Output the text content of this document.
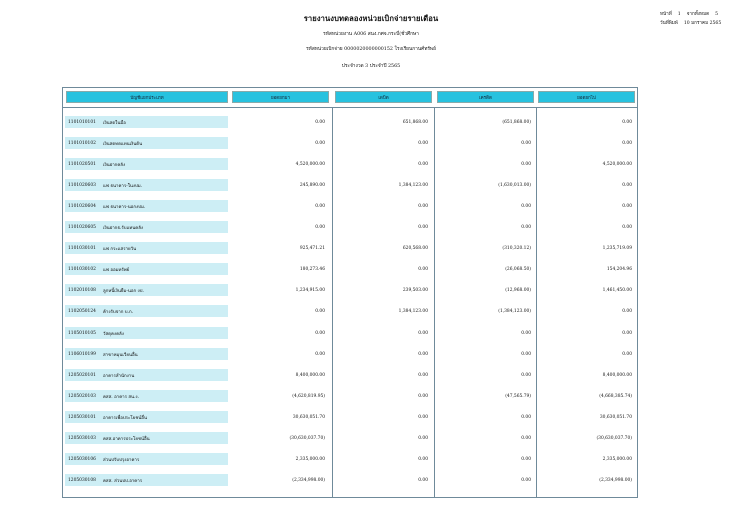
รายงานงบทดลองหน่วยเบิกจ่ายรายเดือน
รหัสหน่วยงาน A006 สนง.กศจ.กระบี่(ชั่วศึกษา
รหัสหน่วยเบิกจ่าย 0000020000000152 โรงเรียนกานศ์ทรัพย์
ประจำงวด 3 ประจำปี 2565
หน้าที่ 1 จากทั้งหมด 5
วันที่พิมพ์ 10 มกราคม 2565
บัญชีแยกประเภท	ยอดยกมา	เดบิต	เครดิต	ยอดยกไป
1101010101	เงินสดในมือ	0.00	651,868.00	(651,868.00)	0.00
1101010102	เงินสดทดแทนเงินต้น	0.00	0.00	0.00	0.00
1101020501	เงินฝากคลัง	4,520,000.00	0.00	0.00	4,520,000.00
1101020603	แฟ ธนาคาร-ในงปม.	245,890.00	1,384,123.00	(1,630,013.00)	0.00
1101020604	แฟ ธนาคาร-นอกงปม.	0.00	0.00	0.00	0.00
1101020605	เงินฝากธ.รับแทนคลัง	0.00	0.00	0.00	0.00
1101030101	แฟ กระแสรายวัน	925,471.21	620,568.00	(310,320.12)	1,235,719.09
1101030102	แฟ ออมทรัพย์	180,273.46	0.00	(26,068.50)	154,204.96
1102010108	ลูกหนี้เงินยืม-นอก งป.	1,234,915.00	239,503.00	(12,968.00)	1,461,450.00
1102050124	ค้างรับจาก บ.ก.	0.00	1,384,123.00	(1,384,123.00)	0.00
1105010105	วัสดุคงคลัง	0.00	0.00	0.00	0.00
1106010199	สาขาหมุนเวียนอื่น	0.00	0.00	0.00	0.00
1205020101	อาคารสำนักงาน	8,400,000.00	0.00	0.00	8,400,000.00
1205020103	คสส. อาคาร สน.ง.	(4,620,819.95)	0.00	(47,565.79)	(4,668,385.74)
1205030101	อาคารเพื่อประโยชน์อื่น	30,630,051.70	0.00	0.00	30,630,051.70
1205030103	คสส.อาคารประโยชน์อื่น	(30,630,037.70)	0.00	0.00	(30,630,037.70)
1205030106	ส่วนปรับปรุงอาคาร	2,335,000.00	0.00	0.00	2,335,000.00
1205030108	คสส. ส่วนปป.อาคาร	(2,334,998.00)	0.00	0.00	(2,334,998.00)
